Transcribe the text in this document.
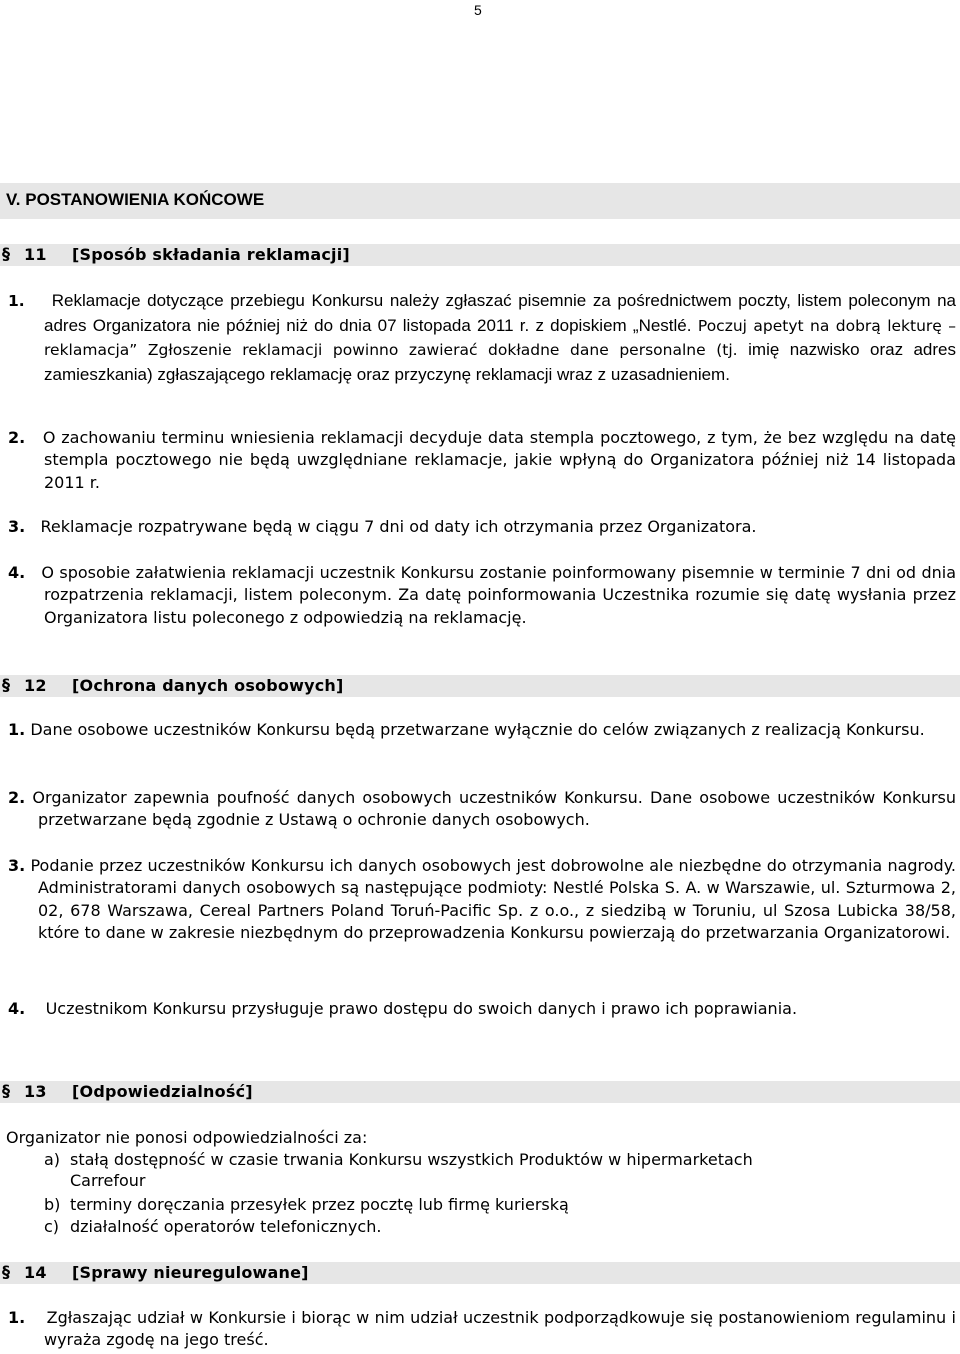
5
V. POSTANOWIENIA KOŃCOWE
§ 11 [Sposób składania reklamacji]
1. Reklamacje dotyczące przebiegu Konkursu należy zgłaszać pisemnie za pośrednictwem poczty, listem poleconym na adres Organizatora nie później niż do dnia 07 listopada 2011 r. z dopiskiem „Nestlé. Poczuj apetyt na dobrą lekturę – reklamacja” Zgłoszenie reklamacji powinno zawierać dokładne dane personalne (tj. imię nazwisko oraz adres zamieszkania) zgłaszającego reklamację oraz przyczynę reklamacji wraz z uzasadnieniem.
2. O zachowaniu terminu wniesienia reklamacji decyduje data stempla pocztowego, z tym, że bez względu na datę stempla pocztowego nie będą uwzględniane reklamacje, jakie wpłyną do Organizatora później niż 14 listopada 2011 r.
3. Reklamacje rozpatrywane będą w ciągu 7 dni od daty ich otrzymania przez Organizatora.
4. O sposobie załatwienia reklamacji uczestnik Konkursu zostanie poinformowany pisemnie w terminie 7 dni od dnia rozpatrzenia reklamacji, listem poleconym. Za datę poinformowania Uczestnika rozumie się datę wysłania przez Organizatora listu poleconego z odpowiedzią na reklamację.
§ 12 [Ochrona danych osobowych]
1. Dane osobowe uczestników Konkursu będą przetwarzane wyłącznie do celów związanych z realizacją Konkursu.
2. Organizator zapewnia poufność danych osobowych uczestników Konkursu. Dane osobowe uczestników Konkursu przetwarzane będą zgodnie z Ustawą o ochronie danych osobowych.
3. Podanie przez uczestników Konkursu ich danych osobowych jest dobrowolne ale niezbędne do otrzymania nagrody. Administratorami danych osobowych są następujące podmioty: Nestlé Polska S. A. w Warszawie, ul. Szturmowa 2, 02, 678 Warszawa, Cereal Partners Poland Toruń-Pacific Sp. z o.o., z siedzibą w Toruniu, ul Szosa Lubicka 38/58, które to dane w zakresie niezbędnym do przeprowadzenia Konkursu powierzają do przetwarzania Organizatorowi.
4. Uczestnikom Konkursu przysługuje prawo dostępu do swoich danych i prawo ich poprawiania.
§ 13 [Odpowiedzialność]
Organizator nie ponosi odpowiedzialności za:
a) stałą dostępność w czasie trwania Konkursu wszystkich Produktów w hipermarketach
Carrefour
b) terminy doręczania przesyłek przez pocztę lub firmę kurierską
c) działalność operatorów telefonicznych.
§ 14 [Sprawy nieuregulowane]
1. Zgłaszając udział w Konkursie i biorąc w nim udział uczestnik podporządkowuje się postanowieniom regulaminu i wyraża zgodę na jego treść.
